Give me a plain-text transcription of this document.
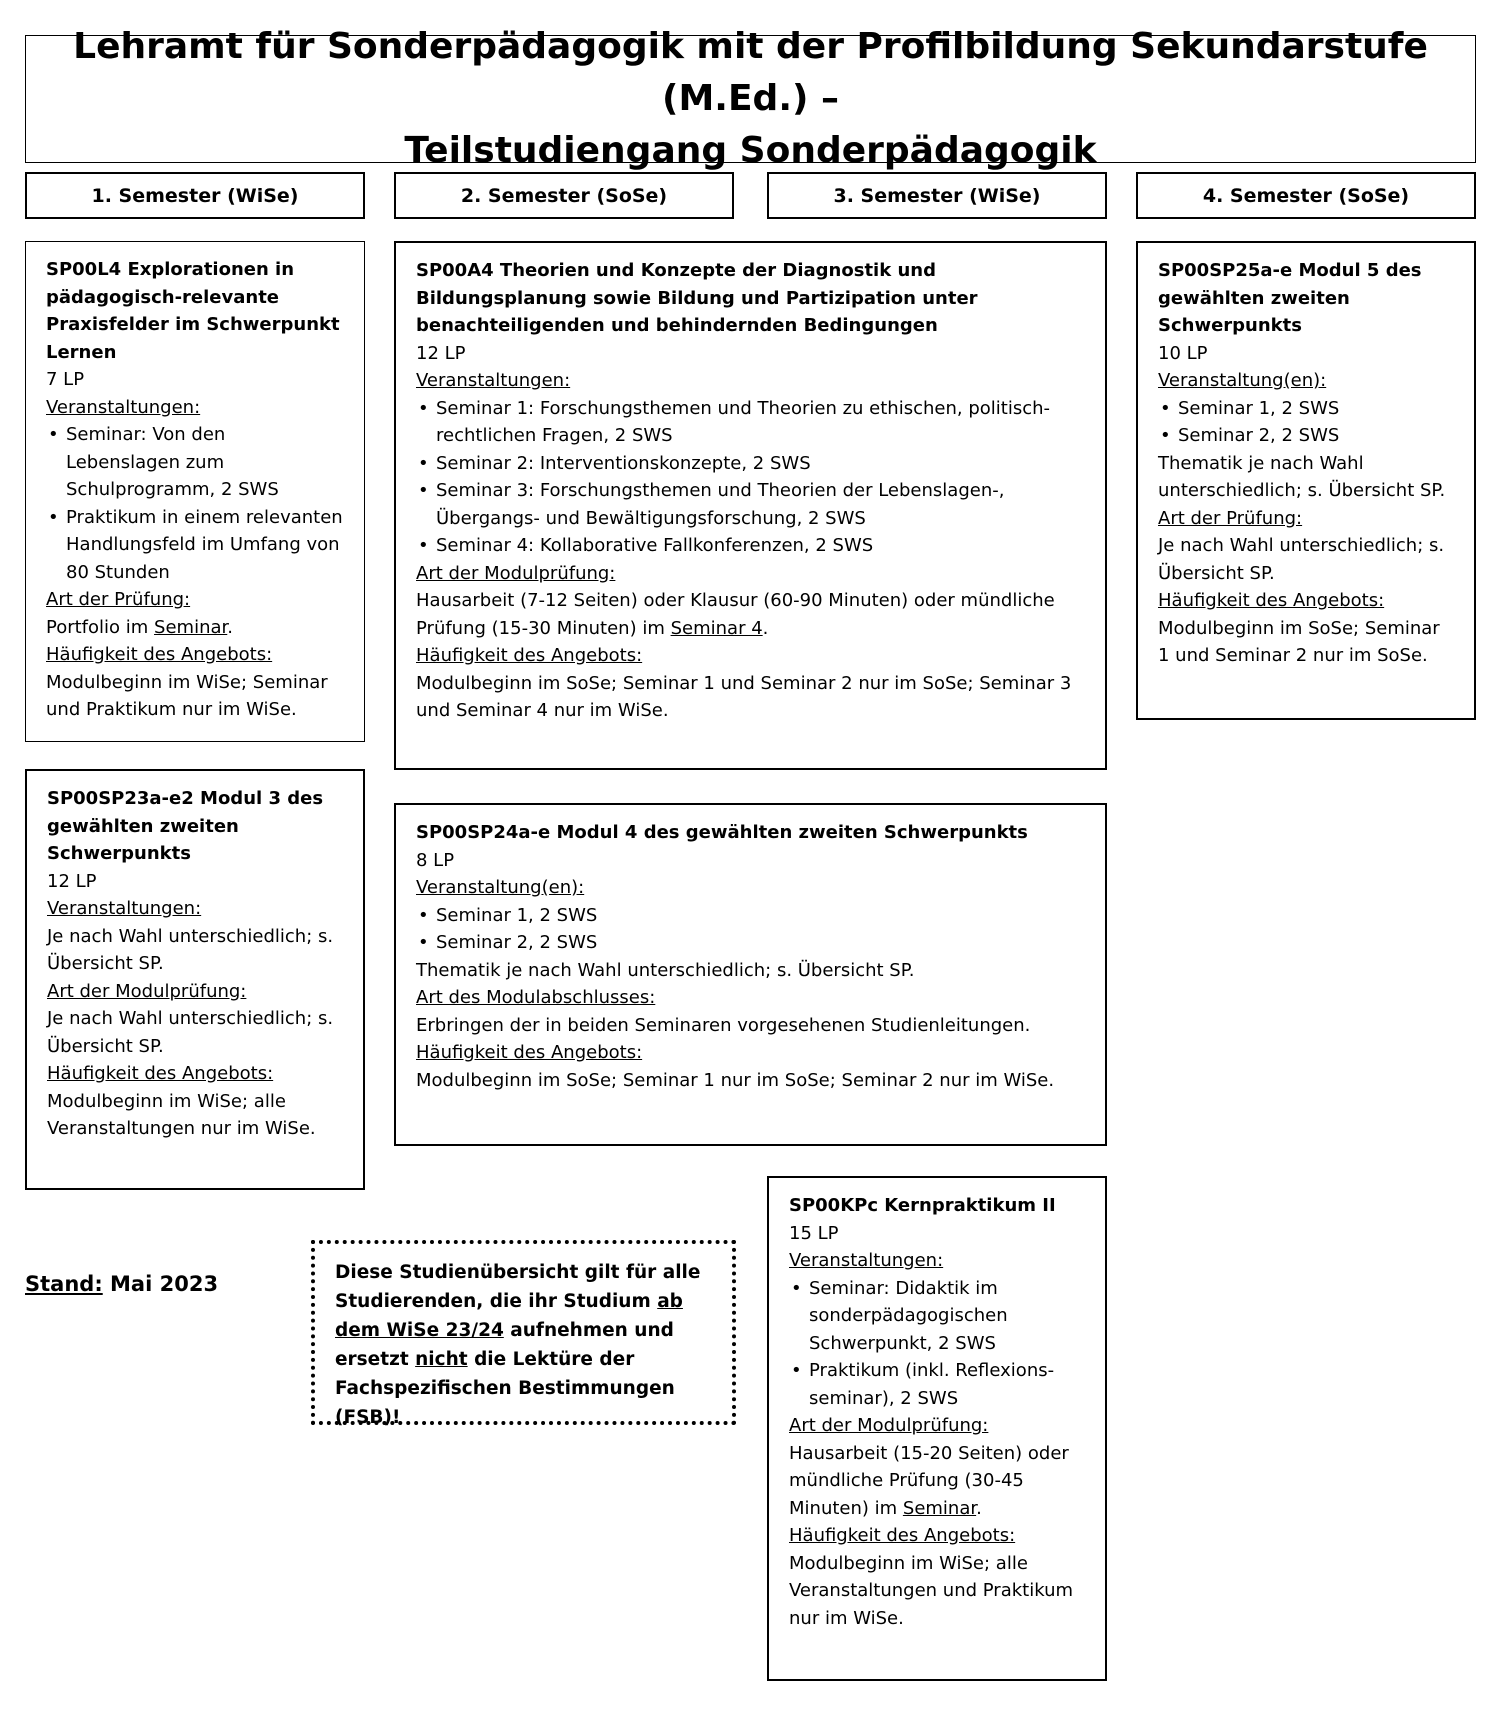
Lehramt für Sonderpädagogik mit der Profilbildung Sekundarstufe (M.Ed.) –
Teilstudiengang Sonderpädagogik
1. Semester (WiSe)	2. Semester (SoSe)	3. Semester (WiSe)	4. Semester (SoSe)
SP00L4 Explorationen in pädagogisch-relevante Praxisfelder im Schwerpunkt Lernen

7 LP

Veranstaltungen:

• Seminar: Von den Lebenslagen zum Schulprogramm, 2 SWS
• Praktikum in einem relevanten Handlungsfeld im Umfang von 80 Stunden

Art der Prüfung:

Portfolio im Seminar.

Häufigkeit des Angebots:

Modulbeginn im WiSe; Seminar und Praktikum nur im WiSe.

SP00SP23a-e2 Modul 3 des gewählten zweiten Schwerpunkts

12 LP

Veranstaltungen:

Je nach Wahl unterschiedlich; s. Übersicht SP.

Art der Modulprüfung:

Je nach Wahl unterschiedlich; s. Übersicht SP.

Häufigkeit des Angebots:

Modulbeginn im WiSe; alle Veranstaltungen nur im WiSe.

SP00A4 Theorien und Konzepte der Diagnostik und Bildungsplanung sowie Bildung und Partizipation unter benachteiligenden und behindernden Bedingungen

12 LP

Veranstaltungen:

• Seminar 1: Forschungsthemen und Theorien zu ethischen, politisch-rechtlichen Fragen, 2 SWS
• Seminar 2: Interventionskonzepte, 2 SWS
• Seminar 3: Forschungsthemen und Theorien der Lebenslagen-, Übergangs- und Bewältigungsforschung, 2 SWS
• Seminar 4: Kollaborative Fallkonferenzen, 2 SWS

Art der Modulprüfung:

Hausarbeit (7-12 Seiten) oder Klausur (60-90 Minuten) oder mündliche Prüfung (15-30 Minuten) im Seminar 4.

Häufigkeit des Angebots:

Modulbeginn im SoSe; Seminar 1 und Seminar 2 nur im SoSe; Seminar 3 und Seminar 4 nur im WiSe.

SP00SP24a-e Modul 4 des gewählten zweiten Schwerpunkts

8 LP

Veranstaltung(en):

• Seminar 1, 2 SWS
• Seminar 2, 2 SWS

Thematik je nach Wahl unterschiedlich; s. Übersicht SP.

Art des Modulabschlusses:

Erbringen der in beiden Seminaren vorgesehenen Studienleitungen.

Häufigkeit des Angebots:

Modulbeginn im SoSe; Seminar 1 nur im SoSe; Seminar 2 nur im WiSe.

SP00KPc Kernpraktikum II

15 LP

Veranstaltungen:

• Seminar: Didaktik im sonderpädagogischen Schwerpunkt, 2 SWS
• Praktikum (inkl. Reflexions-seminar), 2 SWS

Art der Modulprüfung:

Hausarbeit (15-20 Seiten) oder mündliche Prüfung (30-45 Minuten) im Seminar.

Häufigkeit des Angebots:

Modulbeginn im WiSe; alle Veranstaltungen und Praktikum nur im WiSe.

SP00SP25a-e Modul 5 des gewählten zweiten Schwerpunkts

10 LP

Veranstaltung(en):

• Seminar 1, 2 SWS
• Seminar 2, 2 SWS

Thematik je nach Wahl unterschiedlich; s. Übersicht SP.

Art der Prüfung:

Je nach Wahl unterschiedlich; s. Übersicht SP.

Häufigkeit des Angebots:

Modulbeginn im SoSe; Seminar 1 und Seminar 2 nur im SoSe.

Stand: Mai 2023	Diese Studienübersicht gilt für alle Studierenden, die ihr Studium ab dem WiSe 23/24 aufnehmen und ersetzt nicht die Lektüre der Fachspezifischen Bestimmungen (FSB)!
